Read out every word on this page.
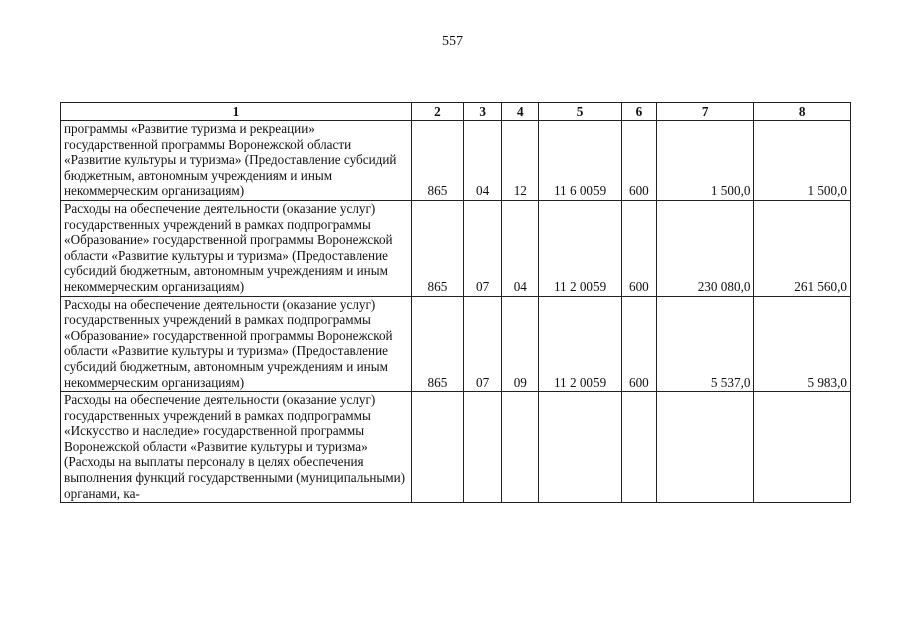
557
1	2	3	4	5	6	7	8
программы «Развитие туризма и рекреации» государственной программы Воронежской области «Развитие культуры и туризма» (Предоставление субсидий бюджетным, автономным учреждениям и иным некоммерческим организациям)	865	04	12	11 6 0059	600	1 500,0	1 500,0
Расходы на обеспечение деятельности (оказание услуг) государственных учреждений в рамках подпрограммы «Образование» государственной программы Воронежской области «Развитие культуры и туризма» (Предоставление субсидий бюджетным, автономным учреждениям и иным некоммерческим организациям)	865	07	04	11 2 0059	600	230 080,0	261 560,0
Расходы на обеспечение деятельности (оказание услуг) государственных учреждений в рамках подпрограммы «Образование» государственной программы Воронежской области «Развитие культуры и туризма» (Предоставление субсидий бюджетным, автономным учреждениям и иным некоммерческим организациям)	865	07	09	11 2 0059	600	5 537,0	5 983,0
Расходы на обеспечение деятельности (оказание услуг) государственных учреждений в рамках подпрограммы «Искусство и наследие» государственной программы Воронежской области «Развитие культуры и туризма» (Расходы на выплаты персоналу в целях обеспечения выполнения функций государственными (муниципальными) органами, ка-							
